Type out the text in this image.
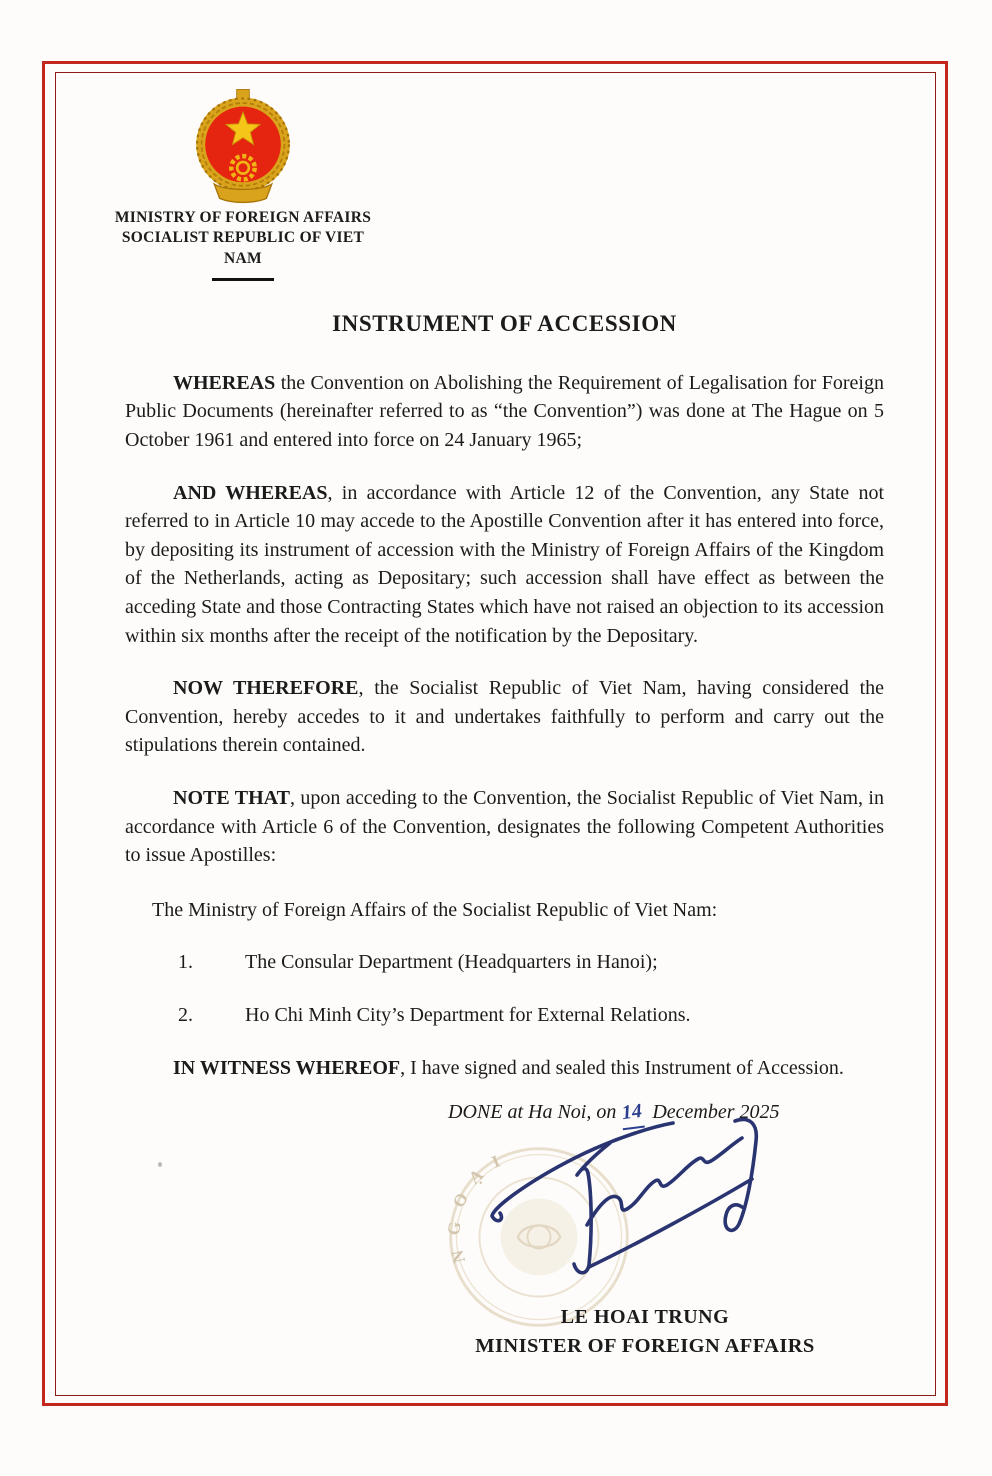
MINISTRY OF FOREIGN AFFAIRS
SOCIALIST REPUBLIC OF VIET NAM
INSTRUMENT OF ACCESSION

WHEREAS the Convention on Abolishing the Requirement of Legalisation for Foreign Public Documents (hereinafter referred to as “the Convention”) was done at The Hague on 5 October 1961 and entered into force on 24 January 1965;

AND WHEREAS, in accordance with Article 12 of the Convention, any State not referred to in Article 10 may accede to the Apostille Convention after it has entered into force, by depositing its instrument of accession with the Ministry of Foreign Affairs of the Kingdom of the Netherlands, acting as Depositary; such accession shall have effect as between the acceding State and those Contracting States which have not raised an objection to its accession within six months after the receipt of the notification by the Depositary.

NOW THEREFORE, the Socialist Republic of Viet Nam, having considered the Convention, hereby accedes to it and undertakes faithfully to perform and carry out the stipulations therein contained.

NOTE THAT, upon acceding to the Convention, the Socialist Republic of Viet Nam, in accordance with Article 6 of the Convention, designates the following Competent Authorities to issue Apostilles:

The Ministry of Foreign Affairs of the Socialist Republic of Viet Nam:
1.	The Consular Department (Headquarters in Hanoi);
2.	Ho Chi Minh City’s Department for External Relations.

IN WITNESS WHEREOF, I have signed and sealed this Instrument of Accession.

DONE at Ha Noi, on 14 December 2025
NGOẠI
LE HOAI TRUNG
MINISTER OF FOREIGN AFFAIRS
